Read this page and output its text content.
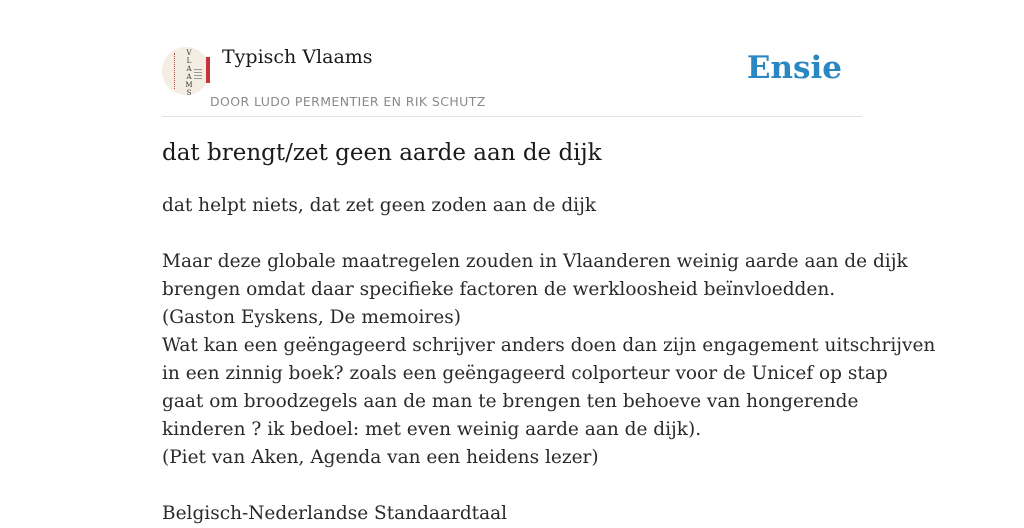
V
L
A
A
M
S
Typisch Vlaams
DOOR LUDO PERMENTIER EN RIK SCHUTZ
Ensie
dat brengt/zet geen aarde aan de dijk

dat helpt niets, dat zet geen zoden aan de dijk

Maar deze globale maatregelen zouden in Vlaanderen weinig aarde aan de dijk

brengen omdat daar specifieke factoren de werkloosheid beïnvloedden.

(Gaston Eyskens, De memoires)

Wat kan een geëngageerd schrijver anders doen dan zijn engagement uitschrijven

in een zinnig boek? zoals een geëngageerd colporteur voor de Unicef op stap

gaat om broodzegels aan de man te brengen ten behoeve van hongerende

kinderen ? ik bedoel: met even weinig aarde aan de dijk).

(Piet van Aken, Agenda van een heidens lezer)

Belgisch-Nederlandse Standaardtaal
